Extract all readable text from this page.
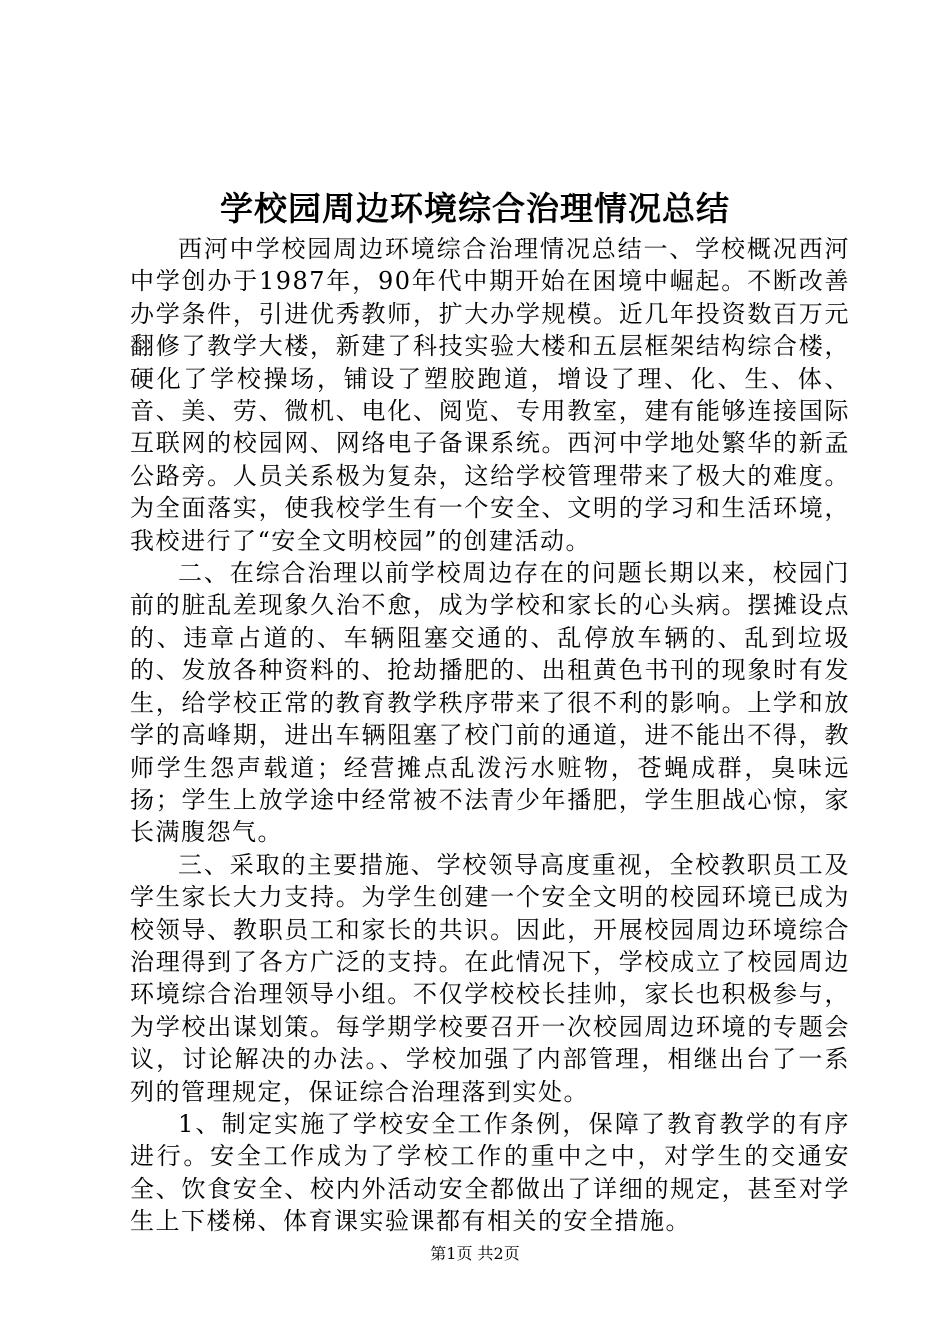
学校园周边环境综合治理情况总结

西河中学校园周边环境综合治理情况总结一、学校概况西河中学创办于1987年，90年代中期开始在困境中崛起。不断改善办学条件，引进优秀教师，扩大办学规模。近几年投资数百万元翻修了教学大楼，新建了科技实验大楼和五层框架结构综合楼，硬化了学校操场，铺设了塑胶跑道，增设了理、化、生、体、音、美、劳、微机、电化、阅览、专用教室，建有能够连接国际互联网的校园网、网络电子备课系统。西河中学地处繁华的新孟公路旁。人员关系极为复杂，这给学校管理带来了极大的难度。为全面落实，使我校学生有一个安全、文明的学习和生活环境，我校进行了“安全文明校园”的创建活动。

二、在综合治理以前学校周边存在的问题长期以来，校园门前的脏乱差现象久治不愈，成为学校和家长的心头病。摆摊设点的、违章占道的、车辆阻塞交通的、乱停放车辆的、乱到垃圾的、发放各种资料的、抢劫播肥的、出租黄色书刊的现象时有发生，给学校正常的教育教学秩序带来了很不利的影响。上学和放学的高峰期，进出车辆阻塞了校门前的通道，进不能出不得，教师学生怨声载道；经营摊点乱泼污水赃物，苍蝇成群，臭味远扬；学生上放学途中经常被不法青少年播肥，学生胆战心惊，家长满腹怨气。

三、采取的主要措施、学校领导高度重视，全校教职员工及学生家长大力支持。为学生创建一个安全文明的校园环境已成为校领导、教职员工和家长的共识。因此，开展校园周边环境综合治理得到了各方广泛的支持。在此情况下，学校成立了校园周边环境综合治理领导小组。不仅学校校长挂帅，家长也积极参与，为学校出谋划策。每学期学校要召开一次校园周边环境的专题会议，讨论解决的办法。、学校加强了内部管理，相继出台了一系列的管理规定，保证综合治理落到实处。

1、制定实施了学校安全工作条例，保障了教育教学的有序进行。安全工作成为了学校工作的重中之中，对学生的交通安全、饮食安全、校内外活动安全都做出了详细的规定，甚至对学生上下楼梯、体育课实验课都有相关的安全措施。

第1页 共2页
